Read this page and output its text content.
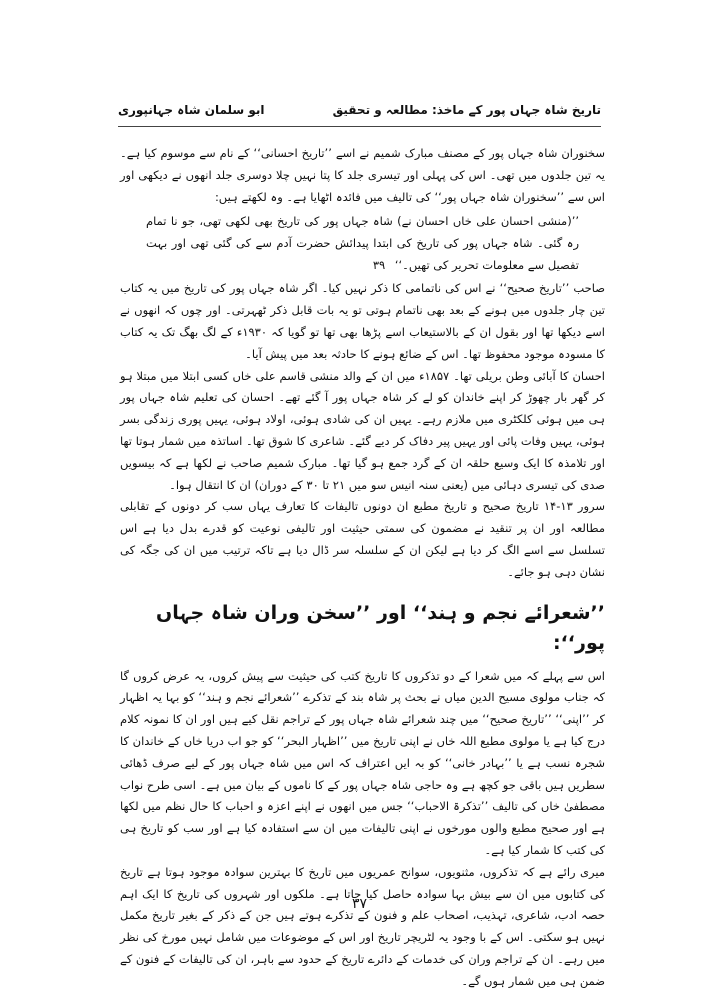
تاریخ شاہ جہاں پور کے ماخذ: مطالعہ و تحقیق
ابو سلمان شاہ جہانپوری

سخنوران شاہ جہاں پور کے مصنف مبارک شمیم نے اسے ’’تاریخ احسانی‘‘ کے نام سے موسوم کیا ہے۔ یہ تین جلدوں میں تھی۔ اس کی پہلی اور تیسری جلد کا پتا نہیں چلا دوسری جلد انھوں نے دیکھی اور اس سے ’’سخنوران شاہ جہاں پور‘‘ کی تالیف میں فائدہ اٹھایا ہے۔ وہ لکھتے ہیں:

’’(منشی احسان علی خاں احسان نے) شاہ جہاں پور کی تاریخ بھی لکھی تھی، جو نا تمام رہ گئی۔ شاہ جہاں پور کی تاریخ کی ابتدا پیدائش حضرت آدم سے کی گئی تھی اور بہت تفصیل سے معلومات تحریر کی تھیں۔‘‘ ۳۹

صاحب ’’تاریخ صحیح‘‘ نے اس کی ناتمامی کا ذکر نہیں کیا۔ اگر شاہ جہاں پور کی تاریخ میں یہ کتاب تین چار جلدوں میں ہونے کے بعد بھی ناتمام ہوتی تو یہ بات قابل ذکر ٹھہرتی۔ اور چوں کہ انھوں نے اسے دیکھا تھا اور بقول ان کے بالاستیعاب اسے پڑھا بھی تھا تو گویا کہ ۱۹۳۰ء کے لگ بھگ تک یہ کتاب کا مسودہ موجود محفوظ تھا۔ اس کے ضائع ہونے کا حادثہ بعد میں پیش آیا۔

احسان کا آبائی وطن بریلی تھا۔ ۱۸۵۷ء میں ان کے والد منشی قاسم علی خاں کسی ابتلا میں مبتلا ہو کر گھر بار چھوڑ کر اپنے خاندان کو لے کر شاہ جہاں پور آ گئے تھے۔ احسان کی تعلیم شاہ جہاں پور ہی میں ہوئی کلکٹری میں ملازم رہے۔ یہیں ان کی شادی ہوئی، اولاد ہوئی، یہیں پوری زندگی بسر ہوئی، یہیں وفات پائی اور یہیں پیر دفاک کر دیے گئے۔ شاعری کا شوق تھا۔ اساتذہ میں شمار ہوتا تھا اور تلامذہ کا ایک وسیع حلقہ ان کے گرد جمع ہو گیا تھا۔ مبارک شمیم صاحب نے لکھا ہے کہ بیسویں صدی کی تیسری دہائی میں (یعنی سنہ انیس سو میں ۲۱ تا ۳۰ کے دوران) ان کا انتقال ہوا۔

سرور ۱۳-۱۴ تاریخ صحیح و تاریخ مطبع ان دونوں تالیفات کا تعارف یہاں سب کر دونوں کے تقابلی مطالعہ اور ان پر تنقید نے مضمون کی سمتی حیثیت اور تالیفی نوعیت کو قدرے بدل دیا ہے اس تسلسل سے اسے الگ کر دیا ہے لیکن ان کے سلسلہ سر ڈال دیا ہے تاکہ ترتیب میں ان کی جگہ کی نشان دہی ہو جائے۔

’’شعرائے نجم و ہند‘‘ اور ’’سخن وران شاہ جہاں پور‘‘:

اس سے پہلے کہ میں شعرا کے دو تذکروں کا تاریخ کتب کی حیثیت سے پیش کروں، یہ عرض کروں گا کہ جناب مولوی مسیح الدین میاں نے بحث پر شاہ بند کے تذکرے ’’شعرائے نجم و ہند‘‘ کو بہا یہ اظہار کر ’’اپنی‘‘ ’’تاریخ صحیح‘‘ میں چند شعرائے شاہ جہاں پور کے تراجم نقل کیے ہیں اور ان کا نمونہ کلام درج کیا ہے یا مولوی مطیع اللہ خاں نے اپنی تاریخ میں ’’اظہار البحر‘‘ کو جو اب دریا خاں کے خاندان کا شجرہ نسب ہے یا ’’بہادر خانی‘‘ کو بہ ایں اعتراف کہ اس میں شاہ جہاں پور کے لیے صرف ڈھائی سطریں ہیں باقی جو کچھ ہے وہ حاجی شاہ جہاں پور کے کا ناموں کے بیان میں ہے۔ اسی طرح نواب مصطفیٰ خاں کی تالیف ’’تذکرۃ الاحباب‘‘ جس میں انھوں نے اپنے اعزہ و احباب کا حال نظم میں لکھا ہے اور صحیح مطبع والوں مورخوں نے اپنی تالیفات میں ان سے استفادہ کیا ہے اور سب کو تاریخ ہی کی کتب کا شمار کیا ہے۔

میری رائے ہے کہ تذکروں، مثنویوں، سوانح عمریوں میں تاریخ کا بہترین سوادہ موجود ہوتا ہے تاریخ کی کتابوں میں ان سے بیش بہا سوادہ حاصل کیا جاتا ہے۔ ملکوں اور شہروں کی تاریخ کا ایک اہم حصہ ادب، شاعری، تہذیب، اصحاب علم و فنون کے تذکرے ہوتے ہیں جن کے ذکر کے بغیر تاریخ مکمل نہیں ہو سکتی۔ اس کے با وجود یہ لٹریچر تاریخ اور اس کے موضوعات میں شامل نہیں مورخ کی نظر میں رہے۔ ان کے تراجم وران کی خدمات کے دائرے تاریخ کے حدود سے باہر، ان کی تالیفات کے فنون کے ضمن ہی میں شمار ہوں گے۔

۳۷
